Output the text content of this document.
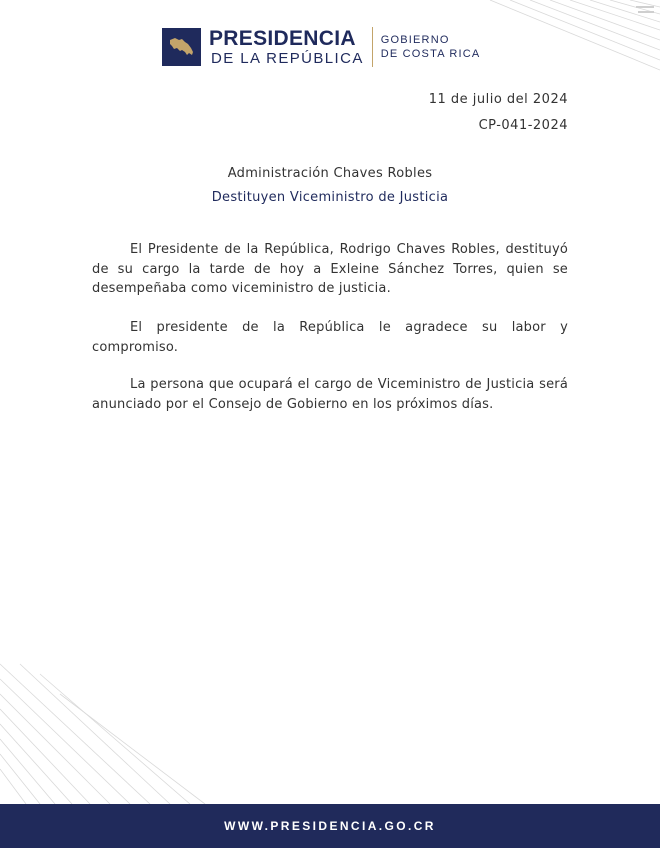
PRESIDENCIA
DE LA REPÚBLICA
GOBIERNO
DE COSTA RICA
11 de julio del 2024
CP-041-2024
Administración Chaves Robles
Destituyen Viceministro de Justicia

El Presidente de la República, Rodrigo Chaves Robles, destituyó de su cargo la tarde de hoy a Exleine Sánchez Torres, quien se desempeñaba como viceministro de justicia.

El presidente de la República le agradece su labor y compromiso.

La persona que ocupará el cargo de Viceministro de Justicia será anunciado por el Consejo de Gobierno en los próximos días.

WWW.PRESIDENCIA.GO.CR
